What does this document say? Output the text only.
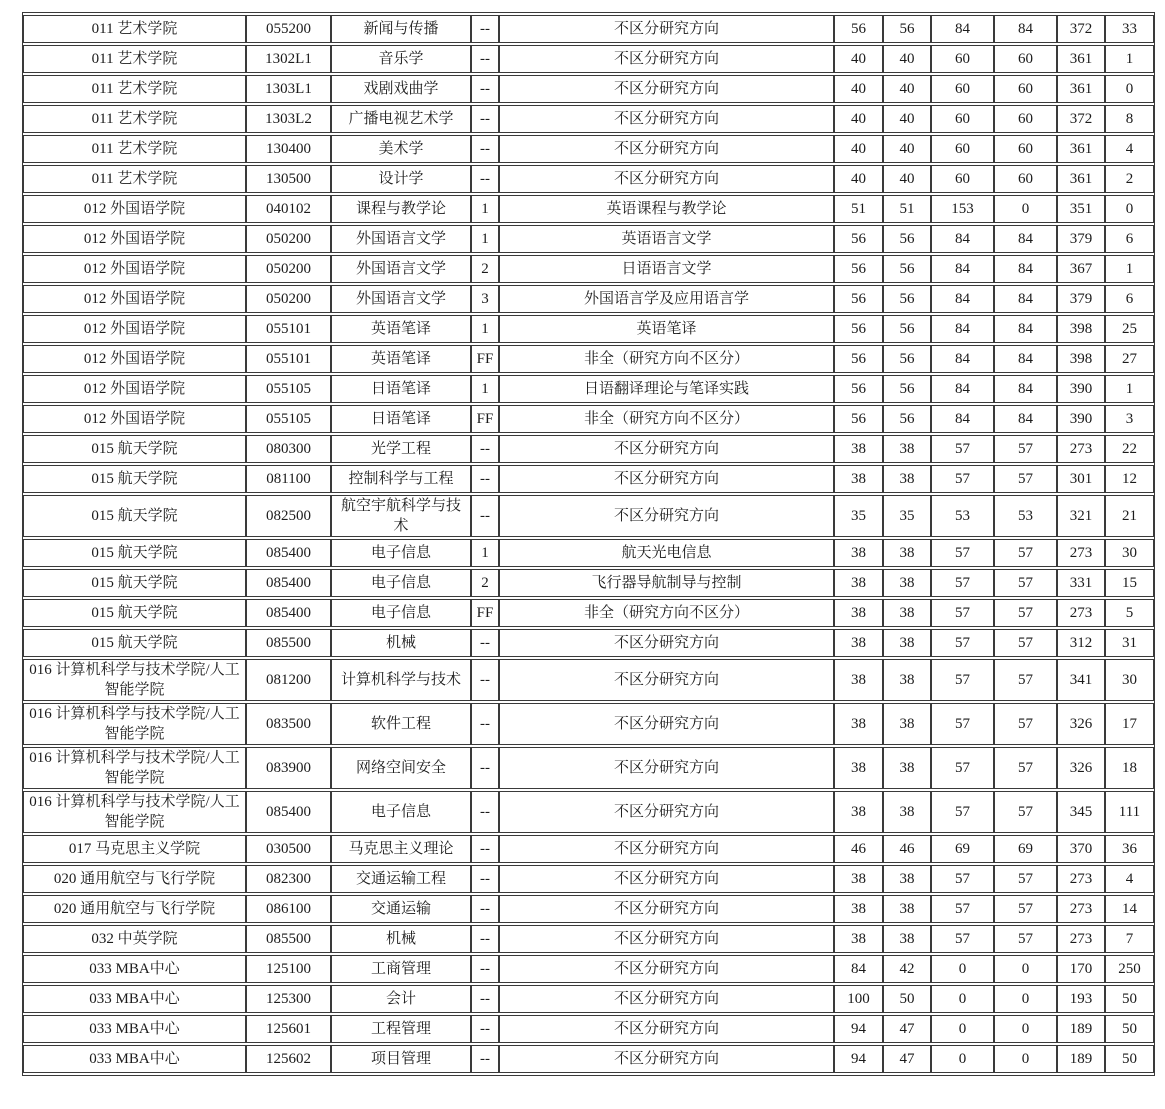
011 艺术学院	055200	新闻与传播	--	不区分研究方向	56	56	84	84	372	33
011 艺术学院	1302L1	音乐学	--	不区分研究方向	40	40	60	60	361	1
011 艺术学院	1303L1	戏剧戏曲学	--	不区分研究方向	40	40	60	60	361	0
011 艺术学院	1303L2	广播电视艺术学	--	不区分研究方向	40	40	60	60	372	8
011 艺术学院	130400	美术学	--	不区分研究方向	40	40	60	60	361	4
011 艺术学院	130500	设计学	--	不区分研究方向	40	40	60	60	361	2
012 外国语学院	040102	课程与教学论	1	英语课程与教学论	51	51	153	0	351	0
012 外国语学院	050200	外国语言文学	1	英语语言文学	56	56	84	84	379	6
012 外国语学院	050200	外国语言文学	2	日语语言文学	56	56	84	84	367	1
012 外国语学院	050200	外国语言文学	3	外国语言学及应用语言学	56	56	84	84	379	6
012 外国语学院	055101	英语笔译	1	英语笔译	56	56	84	84	398	25
012 外国语学院	055101	英语笔译	FF	非全（研究方向不区分）	56	56	84	84	398	27
012 外国语学院	055105	日语笔译	1	日语翻译理论与笔译实践	56	56	84	84	390	1
012 外国语学院	055105	日语笔译	FF	非全（研究方向不区分）	56	56	84	84	390	3
015 航天学院	080300	光学工程	--	不区分研究方向	38	38	57	57	273	22
015 航天学院	081100	控制科学与工程	--	不区分研究方向	38	38	57	57	301	12
015 航天学院	082500	航空宇航科学与技术	--	不区分研究方向	35	35	53	53	321	21
015 航天学院	085400	电子信息	1	航天光电信息	38	38	57	57	273	30
015 航天学院	085400	电子信息	2	飞行器导航制导与控制	38	38	57	57	331	15
015 航天学院	085400	电子信息	FF	非全（研究方向不区分）	38	38	57	57	273	5
015 航天学院	085500	机械	--	不区分研究方向	38	38	57	57	312	31
016 计算机科学与技术学院/人工智能学院	081200	计算机科学与技术	--	不区分研究方向	38	38	57	57	341	30
016 计算机科学与技术学院/人工智能学院	083500	软件工程	--	不区分研究方向	38	38	57	57	326	17
016 计算机科学与技术学院/人工智能学院	083900	网络空间安全	--	不区分研究方向	38	38	57	57	326	18
016 计算机科学与技术学院/人工智能学院	085400	电子信息	--	不区分研究方向	38	38	57	57	345	111
017 马克思主义学院	030500	马克思主义理论	--	不区分研究方向	46	46	69	69	370	36
020 通用航空与飞行学院	082300	交通运输工程	--	不区分研究方向	38	38	57	57	273	4
020 通用航空与飞行学院	086100	交通运输	--	不区分研究方向	38	38	57	57	273	14
032 中英学院	085500	机械	--	不区分研究方向	38	38	57	57	273	7
033 MBA中心	125100	工商管理	--	不区分研究方向	84	42	0	0	170	250
033 MBA中心	125300	会计	--	不区分研究方向	100	50	0	0	193	50
033 MBA中心	125601	工程管理	--	不区分研究方向	94	47	0	0	189	50
033 MBA中心	125602	项目管理	--	不区分研究方向	94	47	0	0	189	50
